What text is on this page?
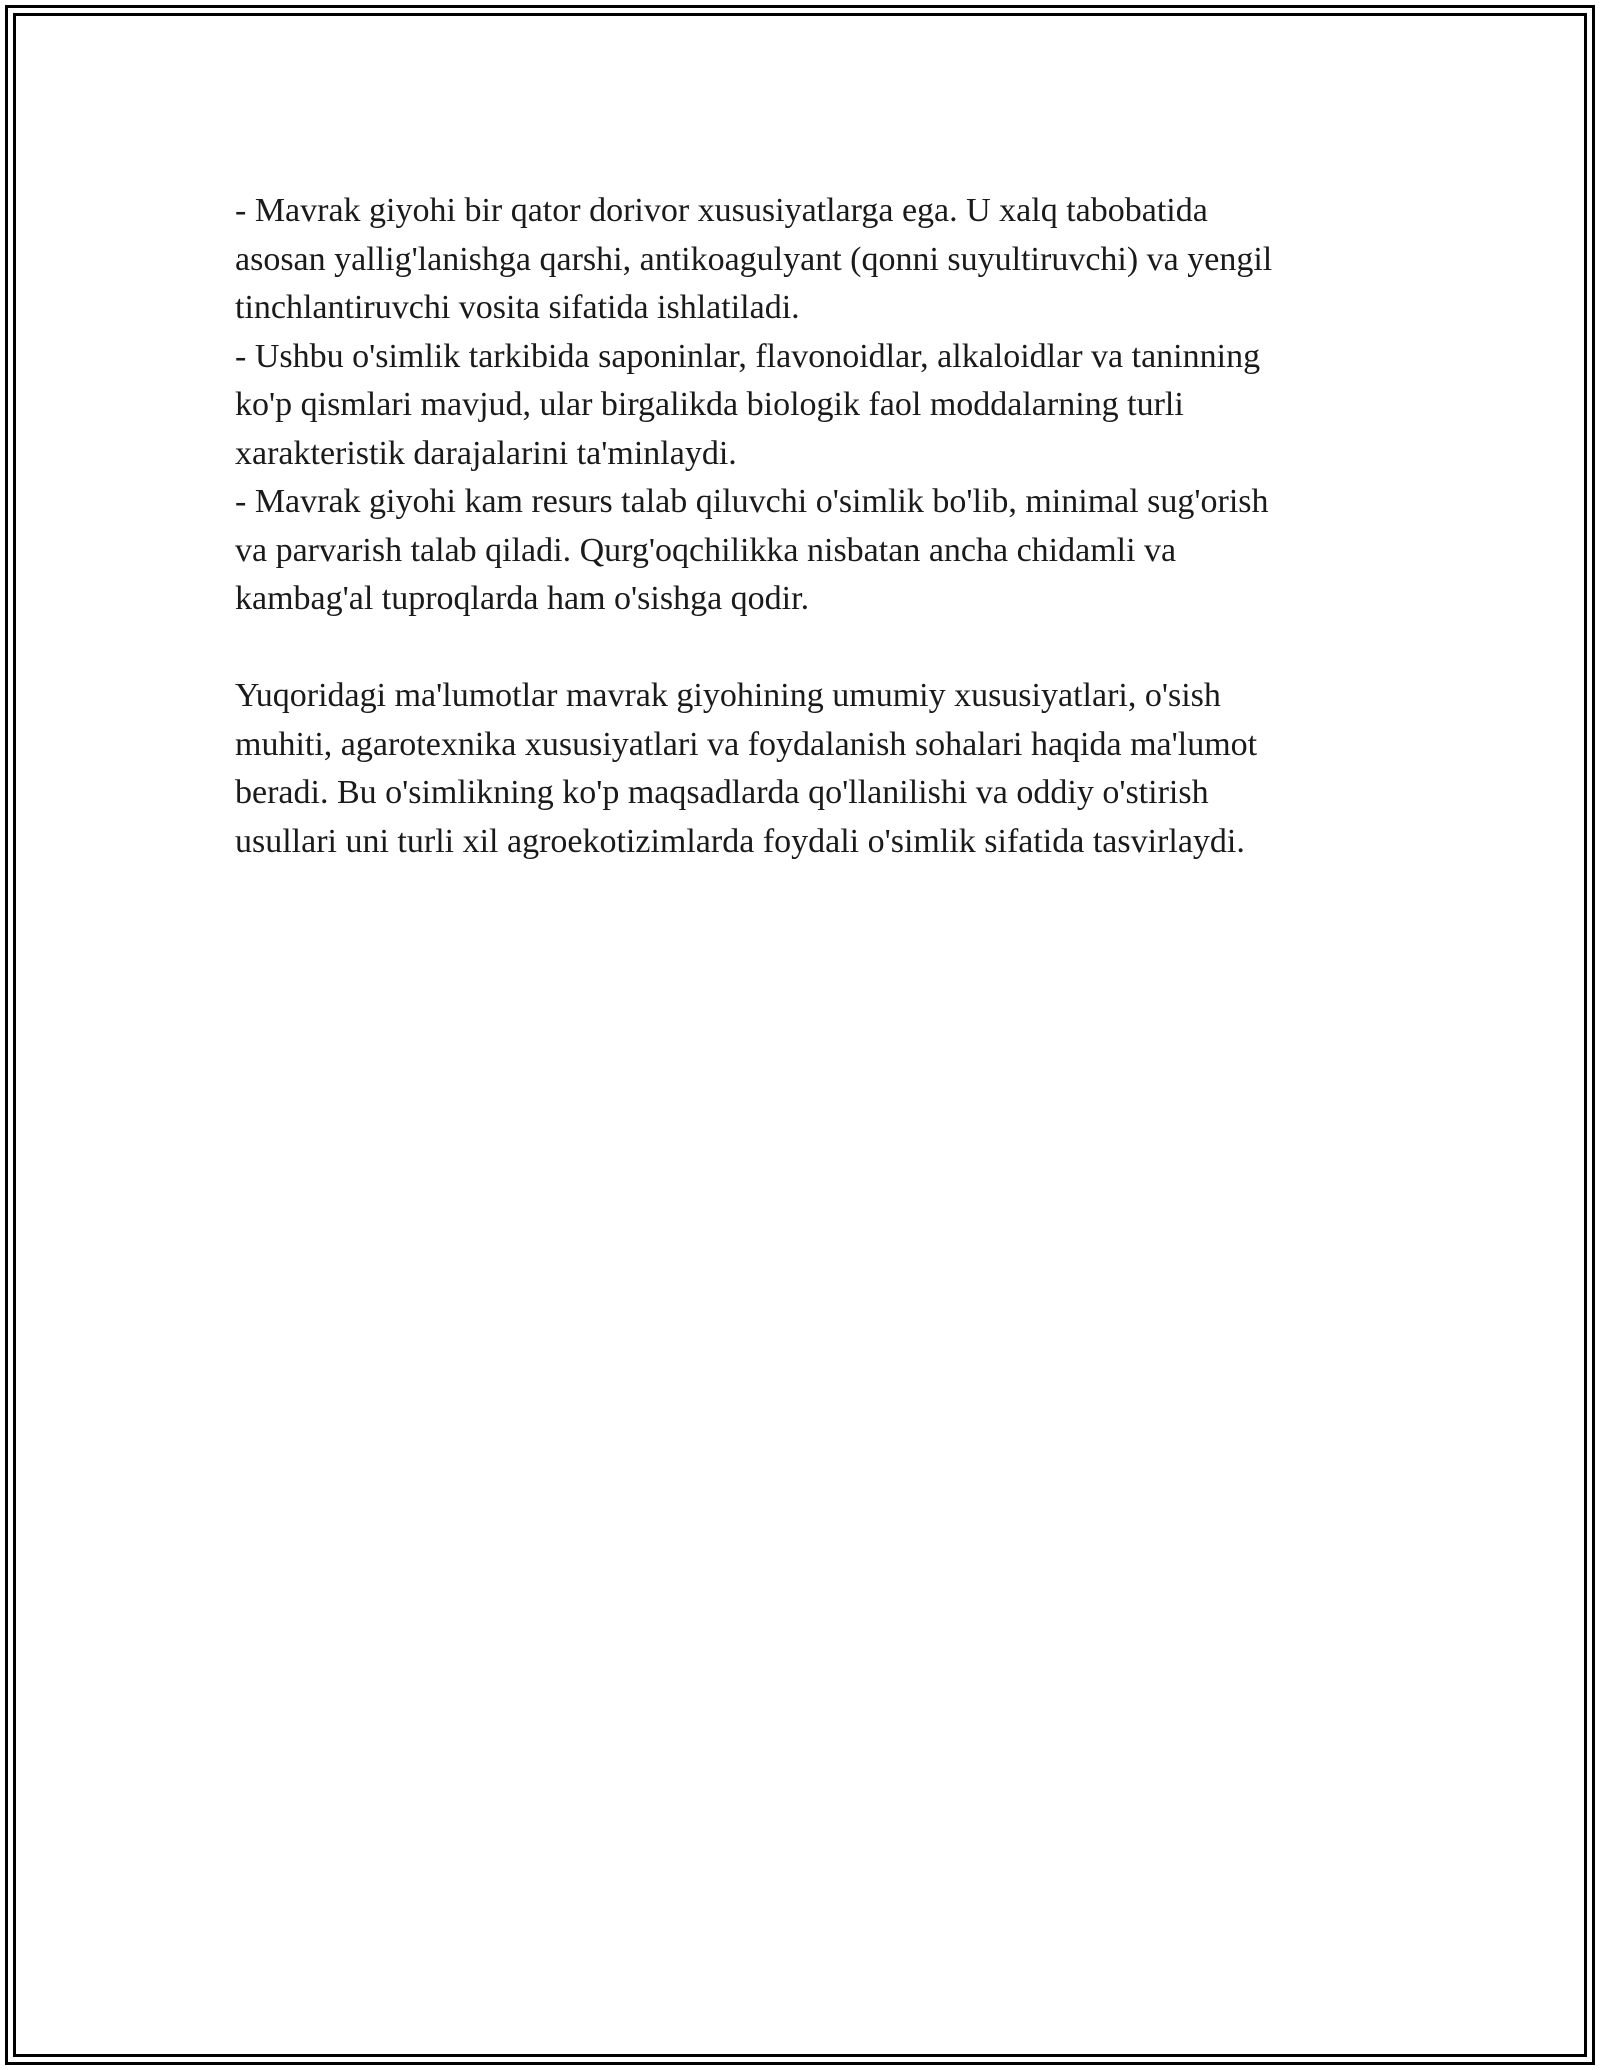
- Mavrak giyohi bir qator dorivor xususiyatlarga ega. U xalq tabobatida
asosan yallig'lanishga qarshi, antikoagulyant (qonni suyultiruvchi) va yengil
tinchlantiruvchi vosita sifatida ishlatiladi.
- Ushbu o'simlik tarkibida saponinlar, flavonoidlar, alkaloidlar va taninning
ko'p qismlari mavjud, ular birgalikda biologik faol moddalarning turli
xarakteristik darajalarini ta'minlaydi.
- Mavrak giyohi kam resurs talab qiluvchi o'simlik bo'lib, minimal sug'orish
va parvarish talab qiladi. Qurg'oqchilikka nisbatan ancha chidamli va
kambag'al tuproqlarda ham o'sishga qodir.
Yuqoridagi ma'lumotlar mavrak giyohining umumiy xususiyatlari, o'sish
muhiti, agarotexnika xususiyatlari va foydalanish sohalari haqida ma'lumot
beradi. Bu o'simlikning ko'p maqsadlarda qo'llanilishi va oddiy o'stirish
usullari uni turli xil agroekotizimlarda foydali o'simlik sifatida tasvirlaydi.
